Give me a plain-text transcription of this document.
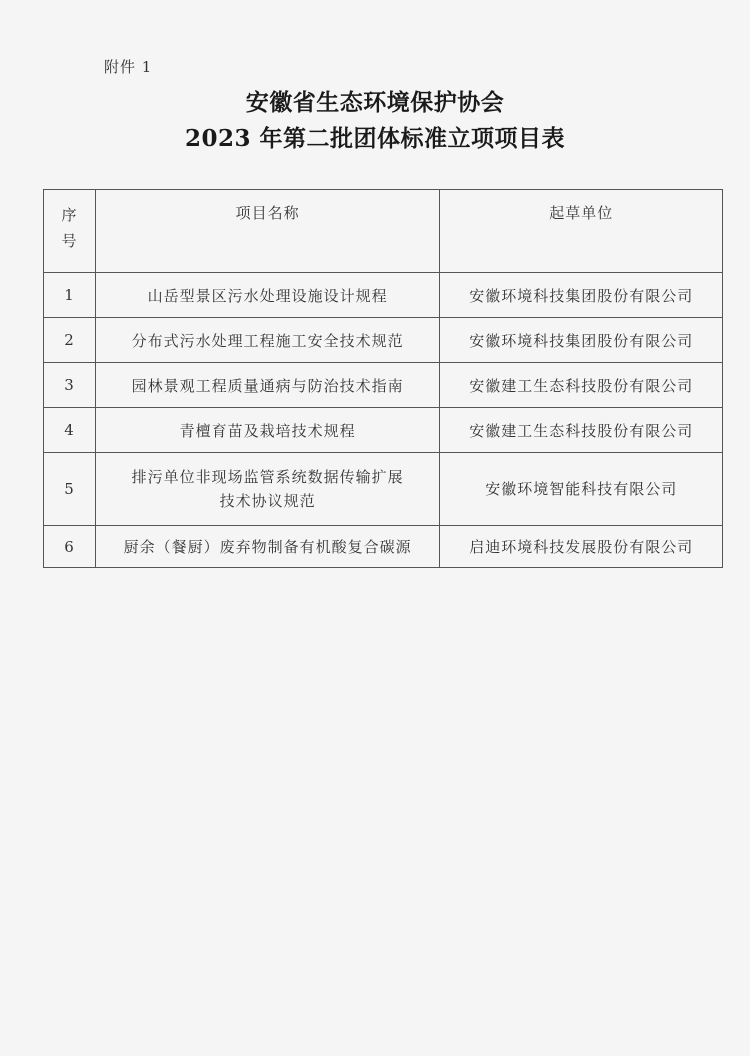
附件 1
安徽省生态环境保护协会
2023 年第二批团体标准立项项目表
序
号	项目名称	起草单位
1	山岳型景区污水处理设施设计规程	安徽环境科技集团股份有限公司
2	分布式污水处理工程施工安全技术规范	安徽环境科技集团股份有限公司
3	园林景观工程质量通病与防治技术指南	安徽建工生态科技股份有限公司
4	青檀育苗及栽培技术规程	安徽建工生态科技股份有限公司
5	排污单位非现场监管系统数据传输扩展
技术协议规范	安徽环境智能科技有限公司
6	厨余（餐厨）废弃物制备有机酸复合碳源	启迪环境科技发展股份有限公司
